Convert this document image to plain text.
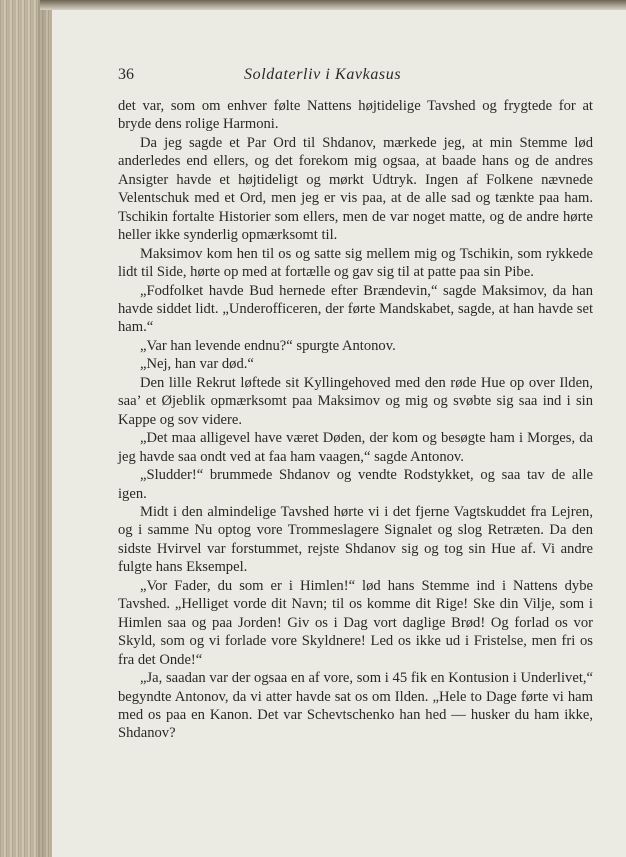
36	Soldaterliv i Kavkasus

det var, som om enhver følte Nattens højtidelige Tavshed og frygtede for at bryde dens rolige Harmoni.

Da jeg sagde et Par Ord til Shdanov, mærkede jeg, at min Stemme lød anderledes end ellers, og det forekom mig ogsaa, at baade hans og de andres Ansigter havde et højtideligt og mørkt Udtryk. Ingen af Folkene nævnede Velentschuk med et Ord, men jeg er vis paa, at de alle sad og tænkte paa ham. Tschikin fortalte Historier som ellers, men de var noget matte, og de andre hørte heller ikke synderlig opmærksomt til.

Maksimov kom hen til os og satte sig mellem mig og Tschikin, som rykkede lidt til Side, hørte op med at fortælle og gav sig til at patte paa sin Pibe.

„Fodfolket havde Bud hernede efter Brændevin,“ sagde Maksimov, da han havde siddet lidt. „Underofficeren, der førte Mandskabet, sagde, at han havde set ham.“

„Var han levende endnu?“ spurgte Antonov.

„Nej, han var død.“

Den lille Rekrut løftede sit Kyllingehoved med den røde Hue op over Ilden, saa’ et Øjeblik opmærksomt paa Maksimov og mig og svøbte sig saa ind i sin Kappe og sov videre.

„Det maa alligevel have været Døden, der kom og besøgte ham i Morges, da jeg havde saa ondt ved at faa ham vaagen,“ sagde Antonov.

„Sludder!“ brummede Shdanov og vendte Rodstykket, og saa tav de alle igen.

Midt i den almindelige Tavshed hørte vi i det fjerne Vagtskuddet fra Lejren, og i samme Nu optog vore Trommeslagere Signalet og slog Retræten. Da den sidste Hvirvel var forstummet, rejste Shdanov sig og tog sin Hue af. Vi andre fulgte hans Eksempel.

„Vor Fader, du som er i Himlen!“ lød hans Stemme ind i Nattens dybe Tavshed. „Helliget vorde dit Navn; til os komme dit Rige! Ske din Vilje, som i Himlen saa og paa Jorden! Giv os i Dag vort daglige Brød! Og forlad os vor Skyld, som og vi forlade vore Skyldnere! Led os ikke ud i Fristelse, men fri os fra det Onde!“

„Ja, saadan var der ogsaa en af vore, som i 45 fik en Kontusion i Underlivet,“ begyndte Antonov, da vi atter havde sat os om Ilden. „Hele to Dage førte vi ham med os paa en Kanon. Det var Schevtschenko han hed — husker du ham ikke, Shdanov?
